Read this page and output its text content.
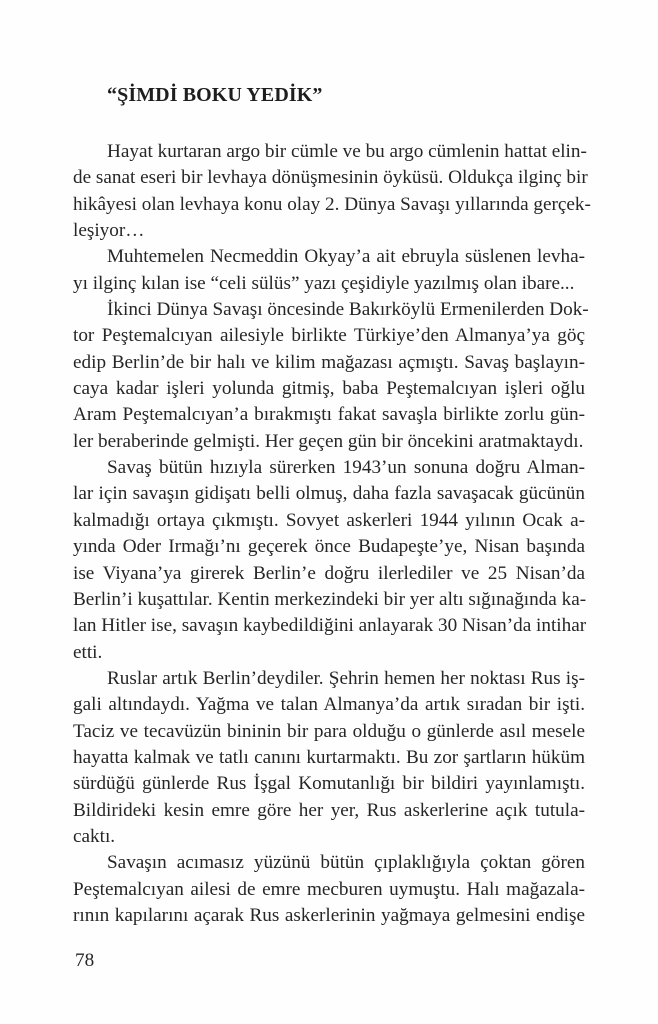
“ŞİMDİ BOKU YEDİK”
Hayat kurtaran argo bir cümle ve bu argo cümlenin hattat elin-
de sanat eseri bir levhaya dönüşmesinin öyküsü. Oldukça ilginç bir
hikâyesi olan levhaya konu olay 2. Dünya Savaşı yıllarında gerçek-
leşiyor…
Muhtemelen Necmeddin Okyay’a ait ebruyla süslenen levha-
yı ilginç kılan ise “celi sülüs” yazı çeşidiyle yazılmış olan ibare...
İkinci Dünya Savaşı öncesinde Bakırköylü Ermenilerden Dok-
tor Peştemalcıyan ailesiyle birlikte Türkiye’den Almanya’ya göç
edip Berlin’de bir halı ve kilim mağazası açmıştı. Savaş başlayın-
caya kadar işleri yolunda gitmiş, baba Peştemalcıyan işleri oğlu
Aram Peştemalcıyan’a bırakmıştı fakat savaşla birlikte zorlu gün-
ler beraberinde gelmişti. Her geçen gün bir öncekini aratmaktaydı.
Savaş bütün hızıyla sürerken 1943’un sonuna doğru Alman-
lar için savaşın gidişatı belli olmuş, daha fazla savaşacak gücünün
kalmadığı ortaya çıkmıştı. Sovyet askerleri 1944 yılının Ocak a-
yında Oder Irmağı’nı geçerek önce Budapeşte’ye, Nisan başında
ise Viyana’ya girerek Berlin’e doğru ilerlediler ve 25 Nisan’da
Berlin’i kuşattılar. Kentin merkezindeki bir yer altı sığınağında ka-
lan Hitler ise, savaşın kaybedildiğini anlayarak 30 Nisan’da intihar
etti.
Ruslar artık Berlin’deydiler. Şehrin hemen her noktası Rus iş-
gali altındaydı. Yağma ve talan Almanya’da artık sıradan bir işti.
Taciz ve tecavüzün bininin bir para olduğu o günlerde asıl mesele
hayatta kalmak ve tatlı canını kurtarmaktı. Bu zor şartların hüküm
sürdüğü günlerde Rus İşgal Komutanlığı bir bildiri yayınlamıştı.
Bildirideki kesin emre göre her yer, Rus askerlerine açık tutula-
caktı.
Savaşın acımasız yüzünü bütün çıplaklığıyla çoktan gören
Peştemalcıyan ailesi de emre mecburen uymuştu. Halı mağazala-
rının kapılarını açarak Rus askerlerinin yağmaya gelmesini endişe
78
